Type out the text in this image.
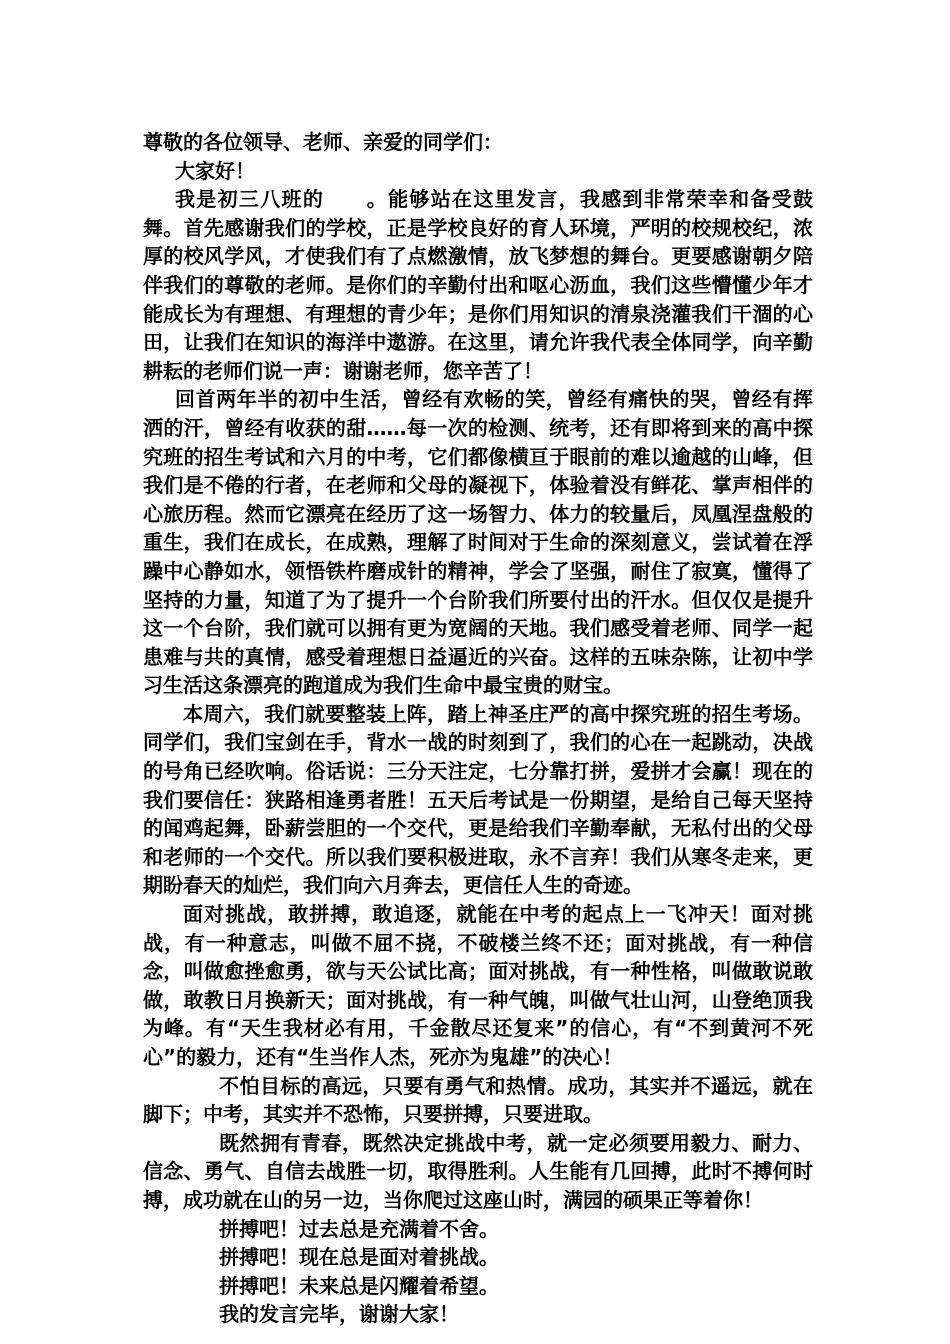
尊敬的各位领导、老师、亲爱的同学们：

大家好！

我是初三八班的　　。能够站在这里发言，我感到非常荣幸和备受鼓舞。首先感谢我们的学校，正是学校良好的育人环境，严明的校规校纪，浓厚的校风学风，才使我们有了点燃激情，放飞梦想的舞台。更要感谢朝夕陪伴我们的尊敬的老师。是你们的辛勤付出和呕心沥血，我们这些懵懂少年才能成长为有理想、有理想的青少年；是你们用知识的清泉浇灌我们干涸的心田，让我们在知识的海洋中遨游。在这里，请允许我代表全体同学，向辛勤耕耘的老师们说一声：谢谢老师，您辛苦了！

回首两年半的初中生活，曾经有欢畅的笑，曾经有痛快的哭，曾经有挥洒的汗，曾经有收获的甜……每一次的检测、统考，还有即将到来的高中探究班的招生考试和六月的中考，它们都像横亘于眼前的难以逾越的山峰，但我们是不倦的行者，在老师和父母的凝视下，体验着没有鲜花、掌声相伴的心旅历程。然而它漂亮在经历了这一场智力、体力的较量后，凤凰涅盘般的重生，我们在成长，在成熟，理解了时间对于生命的深刻意义，尝试着在浮躁中心静如水，领悟铁杵磨成针的精神，学会了坚强，耐住了寂寞，懂得了坚持的力量，知道了为了提升一个台阶我们所要付出的汗水。但仅仅是提升这一个台阶，我们就可以拥有更为宽阔的天地。我们感受着老师、同学一起患难与共的真情，感受着理想日益逼近的兴奋。这样的五味杂陈，让初中学习生活这条漂亮的跑道成为我们生命中最宝贵的财宝。

本周六，我们就要整装上阵，踏上神圣庄严的高中探究班的招生考场。同学们，我们宝剑在手，背水一战的时刻到了，我们的心在一起跳动，决战的号角已经吹响。俗话说：三分天注定，七分靠打拼，爱拼才会赢！现在的我们要信任：狭路相逢勇者胜！五天后考试是一份期望，是给自己每天坚持的闻鸡起舞，卧薪尝胆的一个交代，更是给我们辛勤奉献，无私付出的父母和老师的一个交代。所以我们要积极进取，永不言弃！我们从寒冬走来，更期盼春天的灿烂，我们向六月奔去，更信任人生的奇迹。

面对挑战，敢拼搏，敢追逐，就能在中考的起点上一飞冲天！面对挑战，有一种意志，叫做不屈不挠，不破楼兰终不还；面对挑战，有一种信念，叫做愈挫愈勇，欲与天公试比高；面对挑战，有一种性格，叫做敢说敢做，敢教日月换新天；面对挑战，有一种气魄，叫做气壮山河，山登绝顶我为峰。有“天生我材必有用，千金散尽还复来”的信心，有“不到黄河不死心”的毅力，还有“生当作人杰，死亦为鬼雄”的决心！

不怕目标的高远，只要有勇气和热情。成功，其实并不遥远，就在脚下；中考，其实并不恐怖，只要拼搏，只要进取。

既然拥有青春，既然决定挑战中考，就一定必须要用毅力、耐力、信念、勇气、自信去战胜一切，取得胜利。人生能有几回搏，此时不搏何时搏，成功就在山的另一边，当你爬过这座山时，满园的硕果正等着你！

拼搏吧！过去总是充满着不舍。

拼搏吧！现在总是面对着挑战。

拼搏吧！未来总是闪耀着希望。

我的发言完毕，谢谢大家！
